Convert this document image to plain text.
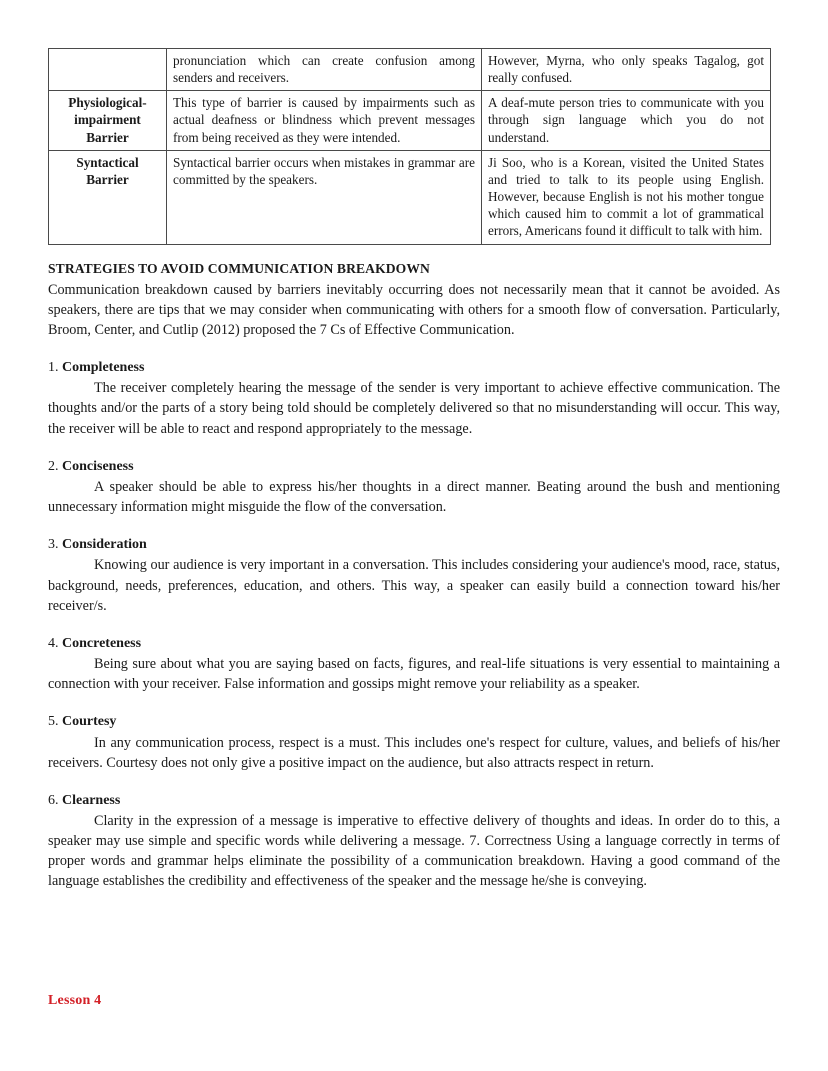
	pronunciation which can create confusion among senders and receivers.	However, Myrna, who only speaks Tagalog, got really confused.
Physiological-impairment Barrier	This type of barrier is caused by impairments such as actual deafness or blindness which prevent messages from being received as they were intended.	A deaf-mute person tries to communicate with you through sign language which you do not understand.
Syntactical Barrier	Syntactical barrier occurs when mistakes in grammar are committed by the speakers.	Ji Soo, who is a Korean, visited the United States and tried to talk to its people using English. However, because English is not his mother tongue which caused him to commit a lot of grammatical errors, Americans found it difficult to talk with him.
STRATEGIES TO AVOID COMMUNICATION BREAKDOWN

Communication breakdown caused by barriers inevitably occurring does not necessarily mean that it cannot be avoided. As speakers, there are tips that we may consider when communicating with others for a smooth flow of conversation. Particularly, Broom, Center, and Cutlip (2012) proposed the 7 Cs of Effective Communication.

1. Completeness

The receiver completely hearing the message of the sender is very important to achieve effective communication. The thoughts and/or the parts of a story being told should be completely delivered so that no misunderstanding will occur. This way, the receiver will be able to react and respond appropriately to the message.

2. Conciseness

A speaker should be able to express his/her thoughts in a direct manner. Beating around the bush and mentioning unnecessary information might misguide the flow of the conversation.

3. Consideration

Knowing our audience is very important in a conversation. This includes considering your audience's mood, race, status, background, needs, preferences, education, and others. This way, a speaker can easily build a connection toward his/her receiver/s.

4. Concreteness

Being sure about what you are saying based on facts, figures, and real-life situations is very essential to maintaining a connection with your receiver. False information and gossips might remove your reliability as a speaker.

5. Courtesy

In any communication process, respect is a must. This includes one's respect for culture, values, and beliefs of his/her receivers. Courtesy does not only give a positive impact on the audience, but also attracts respect in return.

6. Clearness

Clarity in the expression of a message is imperative to effective delivery of thoughts and ideas. In order do to this, a speaker may use simple and specific words while delivering a message. 7. Correctness Using a language correctly in terms of proper words and grammar helps eliminate the possibility of a communication breakdown. Having a good command of the language establishes the credibility and effectiveness of the speaker and the message he/she is conveying.

Lesson 4
